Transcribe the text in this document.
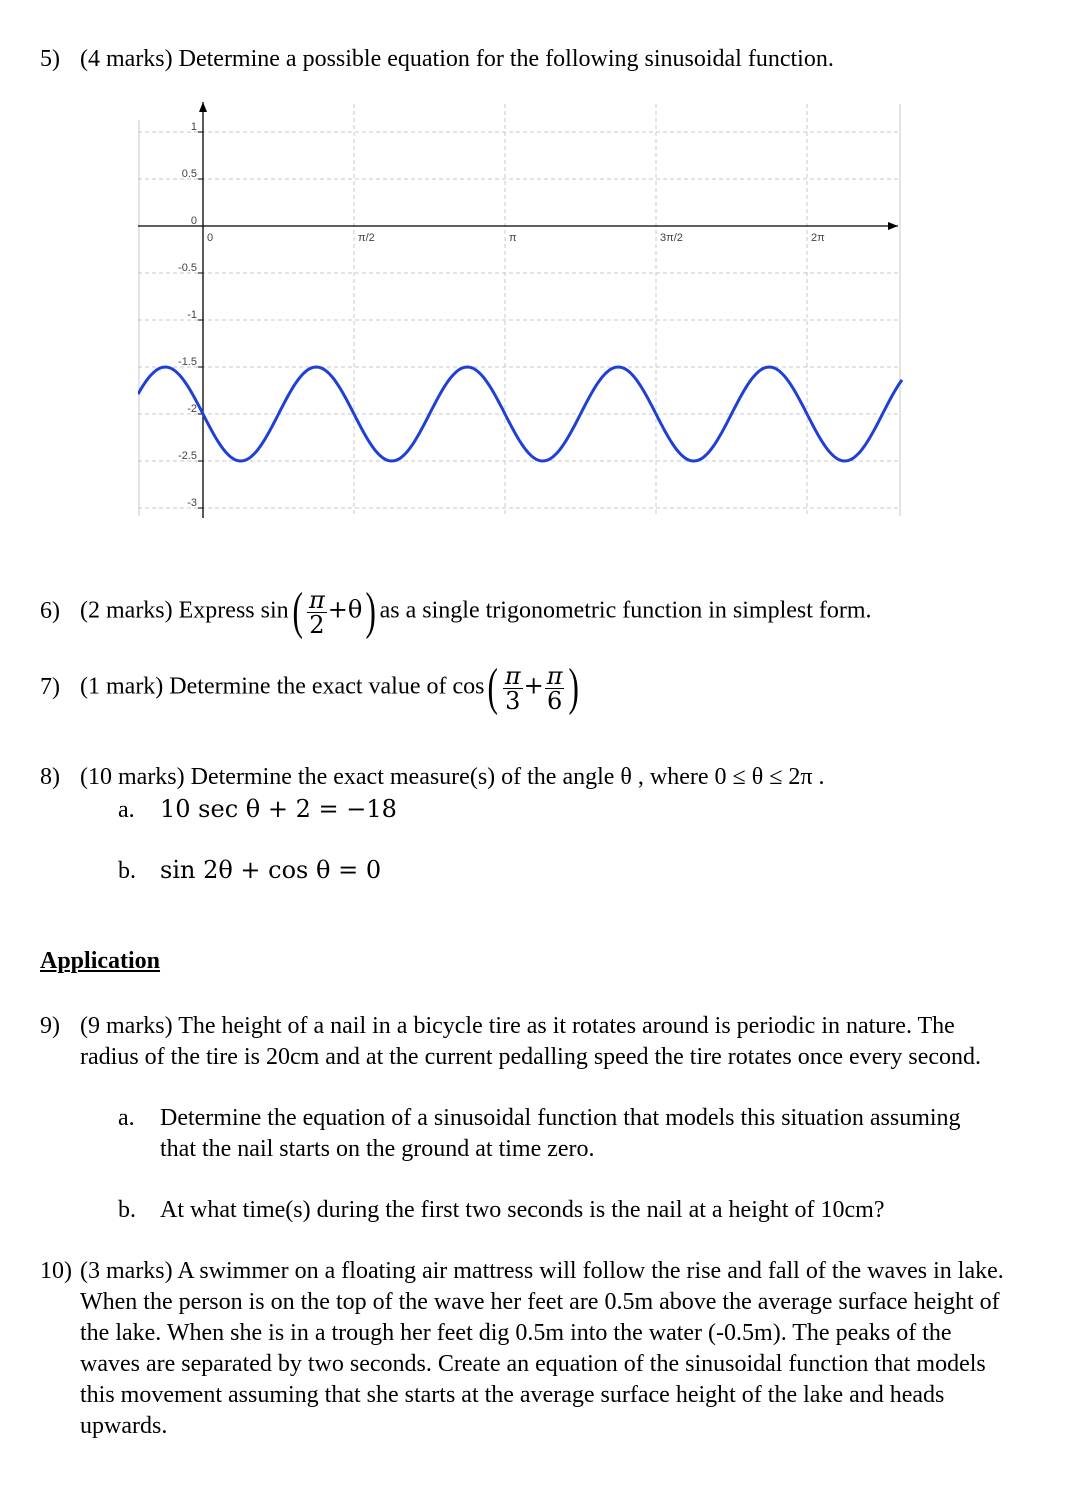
5) (4 marks) Determine a possible equation for the following sinusoidal function.
1
0.5
0
-0.5
-1
-1.5
-2
-2.5
-3
0	π/2	π	3π/2	2π
6) (2 marks) Express $\sin( \frac{\pi}{2} +\theta)$ as a single trigonometric function in simplest form.
7) (1 mark) Determine the exact value of $\cos( \frac{\pi}{3} + \frac{\pi}{6}$ )
8) (10 marks) Determine the exact measure(s) of the angle θ , where 0 ≤ θ ≤ 2π .
a. 10 sec θ + 2 = −18
b. sin 2θ + cos θ = 0
Application
9) (9 marks) The height of a nail in a bicycle tire as it rotates around is periodic in nature. The radius of the tire is 20cm and at the current pedalling speed the tire rotates once every second.
a.	Determine the equation of a sinusoidal function that models this situation assuming that the nail starts on the ground at time zero.
b. At what time(s) during the first two seconds is the nail at a height of 10cm?
10) (3 marks) A swimmer on a floating air mattress will follow the rise and fall of the waves in lake. When the person is on the top of the wave her feet are 0.5m above the average surface height of the lake. When she is in a trough her feet dig 0.5m into the water (-0.5m). The peaks of the waves are separated by two seconds. Create an equation of the sinusoidal function that models this movement assuming that she starts at the average surface height of the lake and heads upwards.
